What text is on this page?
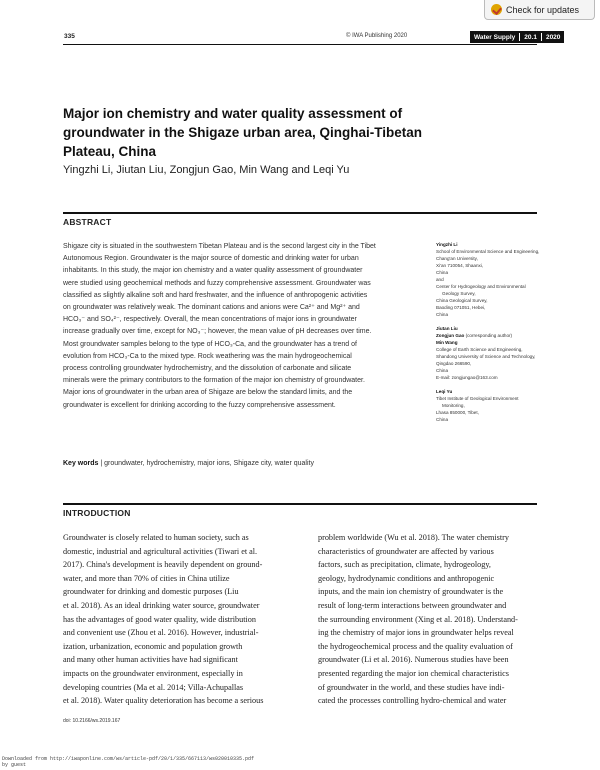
Check for updates
335	© IWA Publishing 2020	Water Supply 20.1 2020
Major ion chemistry and water quality assessment of
groundwater in the Shigaze urban area, Qinghai-Tibetan
Plateau, China
Yingzhi Li, Jiutan Liu, Zongjun Gao, Min Wang and Leqi Yu
ABSTRACT
Shigaze city is situated in the southwestern Tibetan Plateau and is the second largest city in the Tibet
Autonomous Region. Groundwater is the major source of domestic and drinking water for urban
inhabitants. In this study, the major ion chemistry and a water quality assessment of groundwater
were studied using geochemical methods and fuzzy comprehensive assessment. Groundwater was
classified as slightly alkaline soft and hard freshwater, and the influence of anthropogenic activities
on groundwater was relatively weak. The dominant cations and anions were Ca²⁺ and Mg²⁺ and
HCO₃⁻ and SO₄²⁻, respectively. Overall, the mean concentrations of major ions in groundwater
increase gradually over time, except for NO₃⁻; however, the mean value of pH decreases over time.
Most groundwater samples belong to the type of HCO₃-Ca, and the groundwater has a trend of
evolution from HCO₃-Ca to the mixed type. Rock weathering was the main hydrogeochemical
process controlling groundwater hydrochemistry, and the dissolution of carbonate and silicate
minerals were the primary contributors to the formation of the major ion chemistry of groundwater.
Major ions of groundwater in the urban area of Shigaze are below the standard limits, and the
groundwater is excellent for drinking according to the fuzzy comprehensive assessment.
Key words | groundwater, hydrochemistry, major ions, Shigaze city, water quality
Yingzhi Li
School of Environmental Science and Engineering,
Chang'an University,
Xi'an 710054, Shaanxi,
China
and
Center for Hydrogeology and Environmental
Geology Survey,
China Geological Survey,
Baoding 071051, Hebei,
China
Jiutan Liu
Zongjun Gao (corresponding author)
Min Wang
College of Earth Science and Engineering,
Shandong University of Science and Technology,
Qingdao 266590,
China
E-mail: zongjungao@163.com
Leqi Yu
Tibet Institute of Geological Environment
Monitoring,
Lhasa 850000, Tibet,
China
INTRODUCTION
Groundwater is closely related to human society, such as
domestic, industrial and agricultural activities (Tiwari et al.
2017). China's development is heavily dependent on ground-
water, and more than 70% of cities in China utilize
groundwater for drinking and domestic purposes (Liu
et al. 2018). As an ideal drinking water source, groundwater
has the advantages of good water quality, wide distribution
and convenient use (Zhou et al. 2016). However, industrial-
ization, urbanization, economic and population growth
and many other human activities have had significant
impacts on the groundwater environment, especially in
developing countries (Ma et al. 2014; Villa-Achupallas
et al. 2018). Water quality deterioration has become a serious
problem worldwide (Wu et al. 2018). The water chemistry
characteristics of groundwater are affected by various
factors, such as precipitation, climate, hydrogeology,
geology, hydrodynamic conditions and anthropogenic
inputs, and the main ion chemistry of groundwater is the
result of long-term interactions between groundwater and
the surrounding environment (Xing et al. 2018). Understand-
ing the chemistry of major ions in groundwater helps reveal
the hydrogeochemical process and the quality evaluation of
groundwater (Li et al. 2016). Numerous studies have been
presented regarding the major ion chemical characteristics
of groundwater in the world, and these studies have indi-
cated the processes controlling hydro-chemical and water
doi: 10.2166/ws.2019.167
Downloaded from http://iwaponline.com/ws/article-pdf/20/1/335/667113/ws020010335.pdf
by guest
